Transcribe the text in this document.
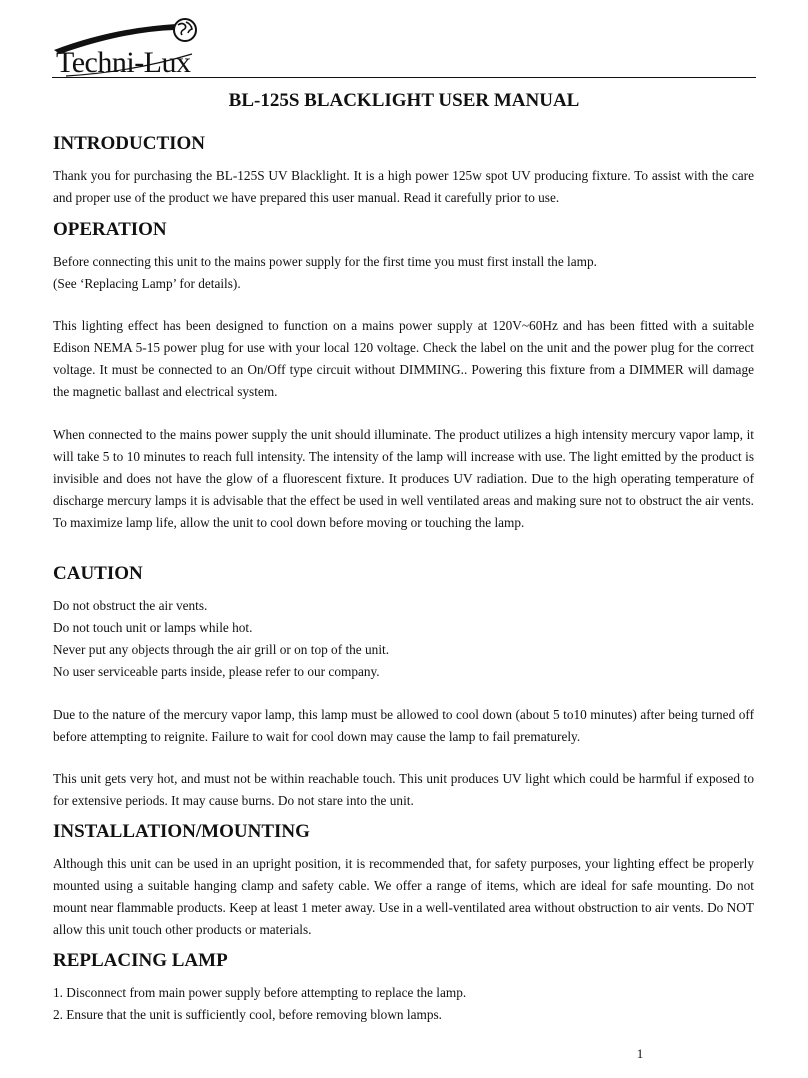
Techni-Lux
BL-125S BLACKLIGHT USER MANUAL
INTRODUCTION

Thank you for purchasing the BL-125S UV Blacklight. It is a high power 125w spot UV producing fixture. To assist with the care and proper use of the product we have prepared this user manual. Read it carefully prior to use.

OPERATION

Before connecting this unit to the mains power supply for the first time you must first install the lamp.
(See ‘Replacing Lamp’ for details).

This lighting effect has been designed to function on a mains power supply at 120V~60Hz and has been fitted with a suitable Edison NEMA 5-15 power plug for use with your local 120 voltage. Check the label on the unit and the power plug for the correct voltage. It must be connected to an On/Off type circuit without DIMMING.. Powering this fixture from a DIMMER will damage the magnetic ballast and electrical system.

When connected to the mains power supply the unit should illuminate. The product utilizes a high intensity mercury vapor lamp, it will take 5 to 10 minutes to reach full intensity. The intensity of the lamp will increase with use. The light emitted by the product is invisible and does not have the glow of a fluorescent fixture. It produces UV radiation. Due to the high operating temperature of discharge mercury lamps it is advisable that the effect be used in well ventilated areas and making sure not to obstruct the air vents. To maximize lamp life, allow the unit to cool down before moving or touching the lamp.

CAUTION

Do not obstruct the air vents.
Do not touch unit or lamps while hot.
Never put any objects through the air grill or on top of the unit.
No user serviceable parts inside, please refer to our company.

Due to the nature of the mercury vapor lamp, this lamp must be allowed to cool down (about 5 to10 minutes) after being turned off before attempting to reignite. Failure to wait for cool down may cause the lamp to fail prematurely.

This unit gets very hot, and must not be within reachable touch. This unit produces UV light which could be harmful if exposed to for extensive periods. It may cause burns. Do not stare into the unit.

INSTALLATION/MOUNTING

Although this unit can be used in an upright position, it is recommended that, for safety purposes, your lighting effect be properly mounted using a suitable hanging clamp and safety cable. We offer a range of items, which are ideal for safe mounting. Do not mount near flammable products. Keep at least 1 meter away. Use in a well-ventilated area without obstruction to air vents. Do NOT allow this unit touch other products or materials.

REPLACING LAMP

1. Disconnect from main power supply before attempting to replace the lamp.
2. Ensure that the unit is sufficiently cool, before removing blown lamps.

1
